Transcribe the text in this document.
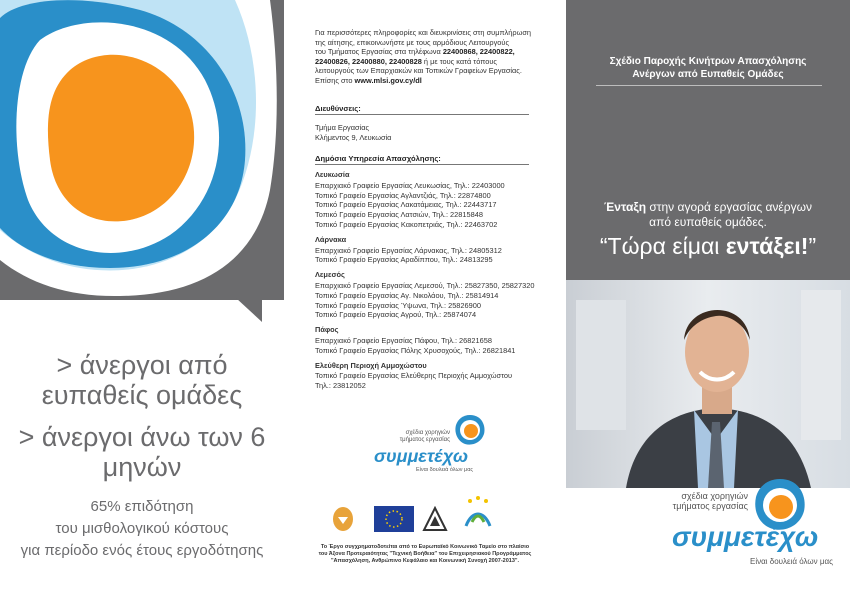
> άνεργοι από ευπαθείς ομάδες
> άνεργοι άνω των 6 μηνών
65% επιδότηση
του μισθολογικού κόστους
για περίοδο ενός έτους εργοδότησης
Για περισσότερες πληροφορίες και διευκρινίσεις στη συμπλήρωση
της αίτησης, επικοινωνήστε με τους αρμόδιους Λειτουργούς
του Τμήματος Εργασίας στα τηλέφωνα 22400868, 22400822,
22400826, 22400880, 22400828 ή με τους κατά τόπους
λειτουργούς των Επαρχιακών και Τοπικών Γραφείων Εργασίας.
Επίσης στο www.mlsi.gov.cy/dl
Διευθύνσεις:
Τμήμα Εργασίας
Κλήμεντος 9, Λευκωσία
Δημόσια Υπηρεσία Απασχόλησης:
Λευκωσία
Επαρχιακό Γραφείο Εργασίας Λευκωσίας, Τηλ.: 22403000
Τοπικό Γραφείο Εργασίας Αγλαντζιάς, Τηλ.: 22874800
Τοπικό Γραφείο Εργασίας Λακατάμειας, Τηλ.: 22443717
Τοπικό Γραφείο Εργασίας Λατσιών, Τηλ.: 22815848
Τοπικό Γραφείο Εργασίας Κακοπετριάς, Τηλ.: 22463702
Λάρνακα
Επαρχιακό Γραφείο Εργασίας Λάρνακας, Τηλ.: 24805312
Τοπικό Γραφείο Εργασίας Αραδίππου, Τηλ.: 24813295
Λεμεσός
Επαρχιακό Γραφείο Εργασίας Λεμεσού, Τηλ.: 25827350, 25827320
Τοπικό Γραφείο Εργασίας Αγ. Νικολάου, Τηλ.: 25814914
Τοπικό Γραφείο Εργασίας Ύψωνα, Τηλ.: 25826900
Τοπικό Γραφείο Εργασίας Αγρού, Τηλ.: 25874074
Πάφος
Επαρχιακό Γραφείο Εργασίας Πάφου, Τηλ.: 26821658
Τοπικό Γραφείο Εργασίας Πόλης Χρυσοχούς, Τηλ.: 26821841
Ελεύθερη Περιοχή Αμμοχώστου
Τοπικό Γραφείο Εργασίας Ελεύθερης Περιοχής Αμμοχώστου
Τηλ.: 23812052
σχέδια χορηγιών
τμήματος εργασίας
συμμετέχω
Είναι δουλειά όλων μας
Το Έργο συγχρηματοδοτείται από το Ευρωπαϊκό Κοινωνικό Ταμείο στο πλαίσιο
του Άξονα Προτεραιότητας "Τεχνική Βοήθεια" του Επιχειρησιακού Προγράμματος
"Απασχόληση, Ανθρώπινο Κεφάλαιο και Κοινωνική Συνοχή 2007-2013".
Σχέδιο Παροχής Κινήτρων Απασχόλησης
Ανέργων από Ευπαθείς Ομάδες
Ένταξη στην αγορά εργασίας ανέργων
από ευπαθείς ομάδες.
“Τώρα είμαι εντάξει!”
σχέδια χορηγιών
τμήματος εργασίας
συμμετέχω
Είναι δουλειά όλων μας
